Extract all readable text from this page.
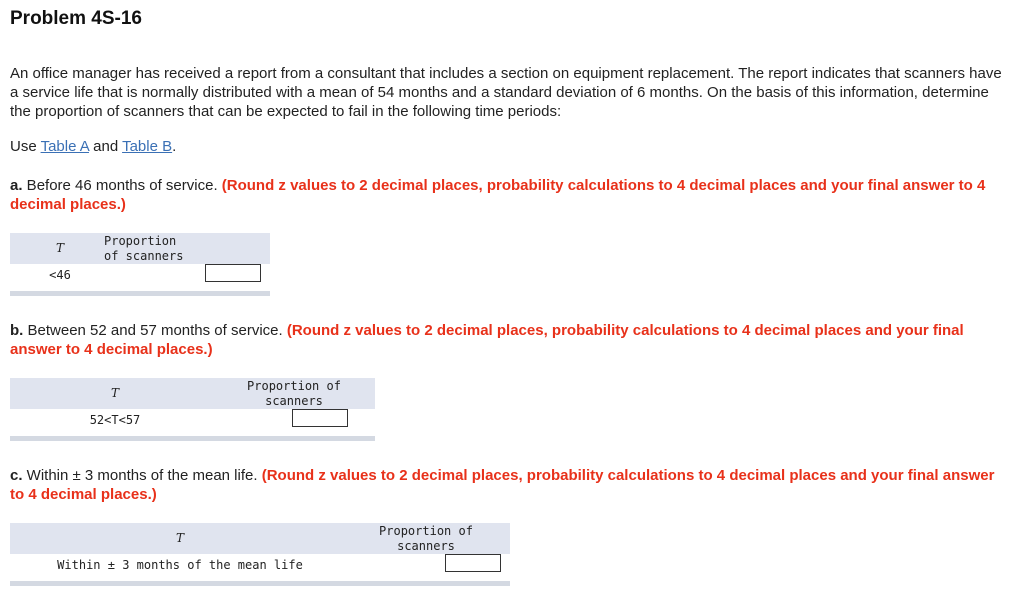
Problem 4S-16
An office manager has received a report from a consultant that includes a section on equipment replacement. The report indicates that scanners have a service life that is normally distributed with a mean of 54 months and a standard deviation of 6 months. On the basis of this information, determine the proportion of scanners that can be expected to fail in the following time periods:
Use Table A and Table B.
a. Before 46 months of service. (Round z values to 2 decimal places, probability calculations to 4 decimal places and your final answer to 4 decimal places.)
T	Proportion of scanners
<46
b. Between 52 and 57 months of service. (Round z values to 2 decimal places, probability calculations to 4 decimal places and your final answer to 4 decimal places.)
T	Proportion of scanners
52<T<57
c. Within ± 3 months of the mean life. (Round z values to 2 decimal places, probability calculations to 4 decimal places and your final answer to 4 decimal places.)
T	Proportion of scanners
Within ± 3 months of the mean life
